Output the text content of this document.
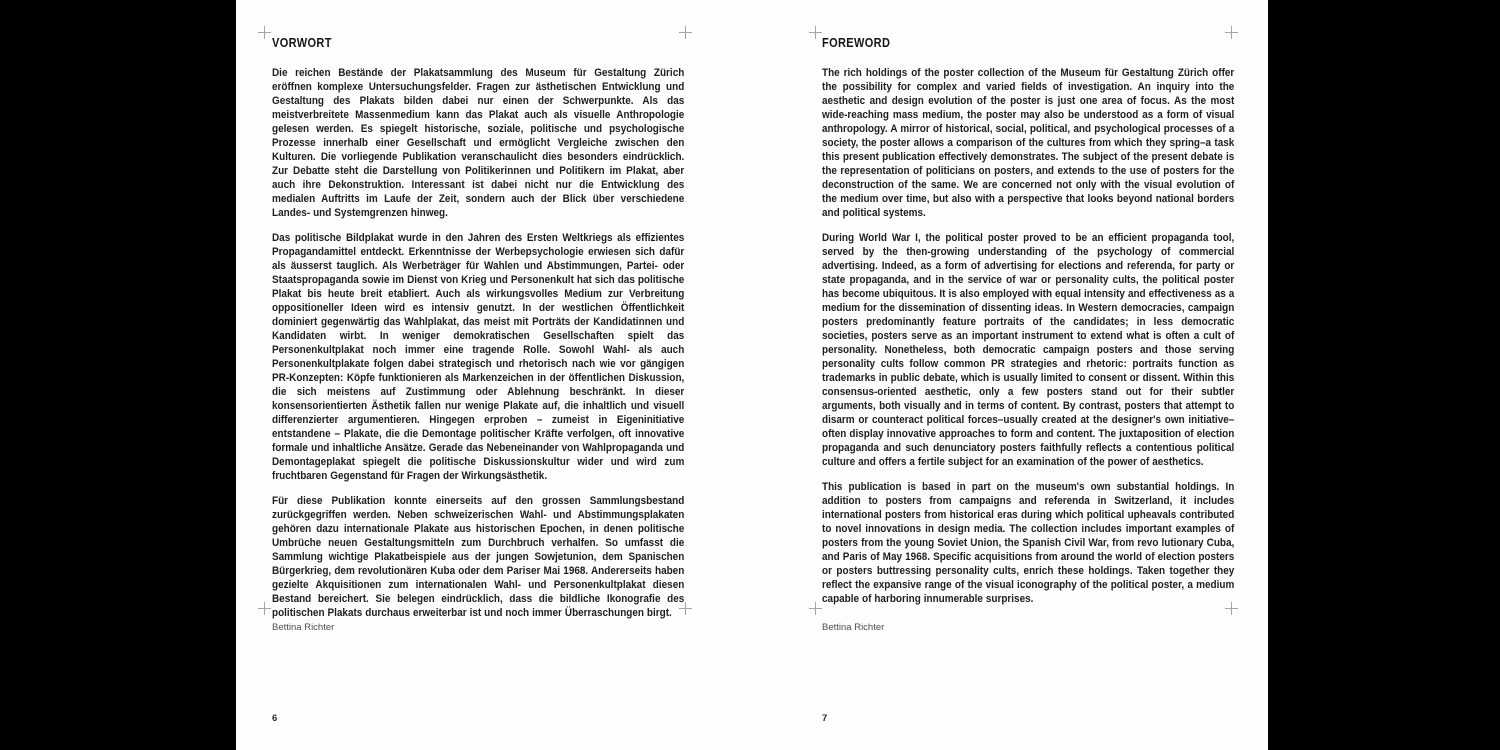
VORWORT

Die reichen Bestände der Plakatsammlung des Museum für Gestaltung Zürich eröffnen komplexe Untersuchungsfelder. Fragen zur ästhetischen Entwicklung und Gestaltung des Plakats bilden dabei nur einen der Schwerpunkte. Als das meistverbreitete Massenmedium kann das Plakat auch als visuelle Anthropologie gelesen werden. Es spiegelt historische, soziale, politische und psychologische Prozesse innerhalb einer Gesellschaft und ermöglicht Vergleiche zwischen den Kulturen. Die vorliegende Publikation veranschaulicht dies besonders eindrücklich. Zur Debatte steht die Darstellung von Politikerinnen und Politikern im Plakat, aber auch ihre Dekonstruktion. Interessant ist dabei nicht nur die Entwicklung des medialen Auftritts im Laufe der Zeit, sondern auch der Blick über verschiedene Landes- und Systemgrenzen hinweg.

Das politische Bildplakat wurde in den Jahren des Ersten Weltkriegs als effizientes Propagandamittel entdeckt. Erkenntnisse der Werbepsychologie erwiesen sich dafür als äusserst tauglich. Als Werbeträger für Wahlen und Abstimmungen, Partei- oder Staatspropaganda sowie im Dienst von Krieg und Personenkult hat sich das politische Plakat bis heute breit etabliert. Auch als wirkungsvolles Medium zur Verbreitung oppositioneller Ideen wird es intensiv genutzt. In der westlichen Öffentlichkeit dominiert gegenwärtig das Wahlplakat, das meist mit Porträts der Kandidatinnen und Kandidaten wirbt. In weniger demokratischen Gesellschaften spielt das Personenkultplakat noch immer eine tragende Rolle. Sowohl Wahl- als auch Personenkultplakate folgen dabei strategisch und rhetorisch nach wie vor gängigen PR-Konzepten: Köpfe funktionieren als Markenzeichen in der öffentlichen Diskussion, die sich meistens auf Zustimmung oder Ablehnung beschränkt. In dieser konsensorientierten Ästhetik fallen nur wenige Plakate auf, die inhaltlich und visuell differenzierter argumentieren. Hingegen erproben – zumeist in Eigeninitiative entstandene – Plakate, die die Demontage politischer Kräfte verfolgen, oft innovative formale und inhaltliche Ansätze. Gerade das Nebeneinander von Wahlpropaganda und Demontageplakat spiegelt die politische Diskussionskultur wider und wird zum fruchtbaren Gegenstand für Fragen der Wirkungsästhetik.

Für diese Publikation konnte einerseits auf den grossen Sammlungsbestand zurückgegriffen werden. Neben schweizerischen Wahl- und Abstimmungsplakaten gehören dazu internationale Plakate aus historischen Epochen, in denen politische Umbrüche neuen Gestaltungsmitteln zum Durchbruch verhalfen. So umfasst die Sammlung wichtige Plakatbeispiele aus der jungen Sowjetunion, dem Spanischen Bürgerkrieg, dem revolutionären Kuba oder dem Pariser Mai 1968. Andererseits haben gezielte Akquisitionen zum internationalen Wahl- und Personenkultplakat diesen Bestand bereichert. Sie belegen eindrücklich, dass die bildliche Ikonografie des politischen Plakats durchaus erweiterbar ist und noch immer Überraschungen birgt.

Bettina Richter
6
FOREWORD

The rich holdings of the poster collection of the Museum für Gestaltung Zürich offer the possibility for complex and varied fields of investigation. An inquiry into the aesthetic and design evolution of the poster is just one area of focus. As the most wide-reaching mass medium, the poster may also be understood as a form of visual anthropology. A mirror of historical, social, political, and psychological processes of a society, the poster allows a comparison of the cultures from which they spring–a task this present publication effectively demonstrates. The subject of the present debate is the representation of politicians on posters, and extends to the use of posters for the deconstruction of the same. We are concerned not only with the visual evolution of the medium over time, but also with a perspective that looks beyond national borders and political systems.

During World War I, the political poster proved to be an efficient propaganda tool, served by the then-growing understanding of the psychology of commercial advertising. Indeed, as a form of advertising for elections and referenda, for party or state propaganda, and in the service of war or personality cults, the political poster has become ubiquitous. It is also employed with equal intensity and effectiveness as a medium for the dissemination of dissenting ideas. In Western democracies, campaign posters predominantly feature portraits of the candidates; in less democratic societies, posters serve as an important instrument to extend what is often a cult of personality. Nonetheless, both democratic campaign posters and those serving personality cults follow common PR strategies and rhetoric: portraits function as trademarks in public debate, which is usually limited to consent or dissent. Within this consensus-oriented aesthetic, only a few posters stand out for their subtler arguments, both visually and in terms of content. By contrast, posters that attempt to disarm or counteract political forces–usually created at the designer's own initiative–often display innovative approaches to form and content. The juxtaposition of election propaganda and such denunciatory posters faithfully reflects a contentious political culture and offers a fertile subject for an examination of the power of aesthetics.

This publication is based in part on the museum's own substantial holdings. In addition to posters from campaigns and referenda in Switzerland, it includes international posters from historical eras during which political upheavals contributed to novel innovations in design media. The collection includes important examples of posters from the young Soviet Union, the Spanish Civil War, from revo lutionary Cuba, and Paris of May 1968. Specific acquisitions from around the world of election posters or posters buttressing personality cults, enrich these holdings. Taken together they reflect the expansive range of the visual iconography of the political poster, a medium capable of harboring innumerable surprises.

Bettina Richter
7
